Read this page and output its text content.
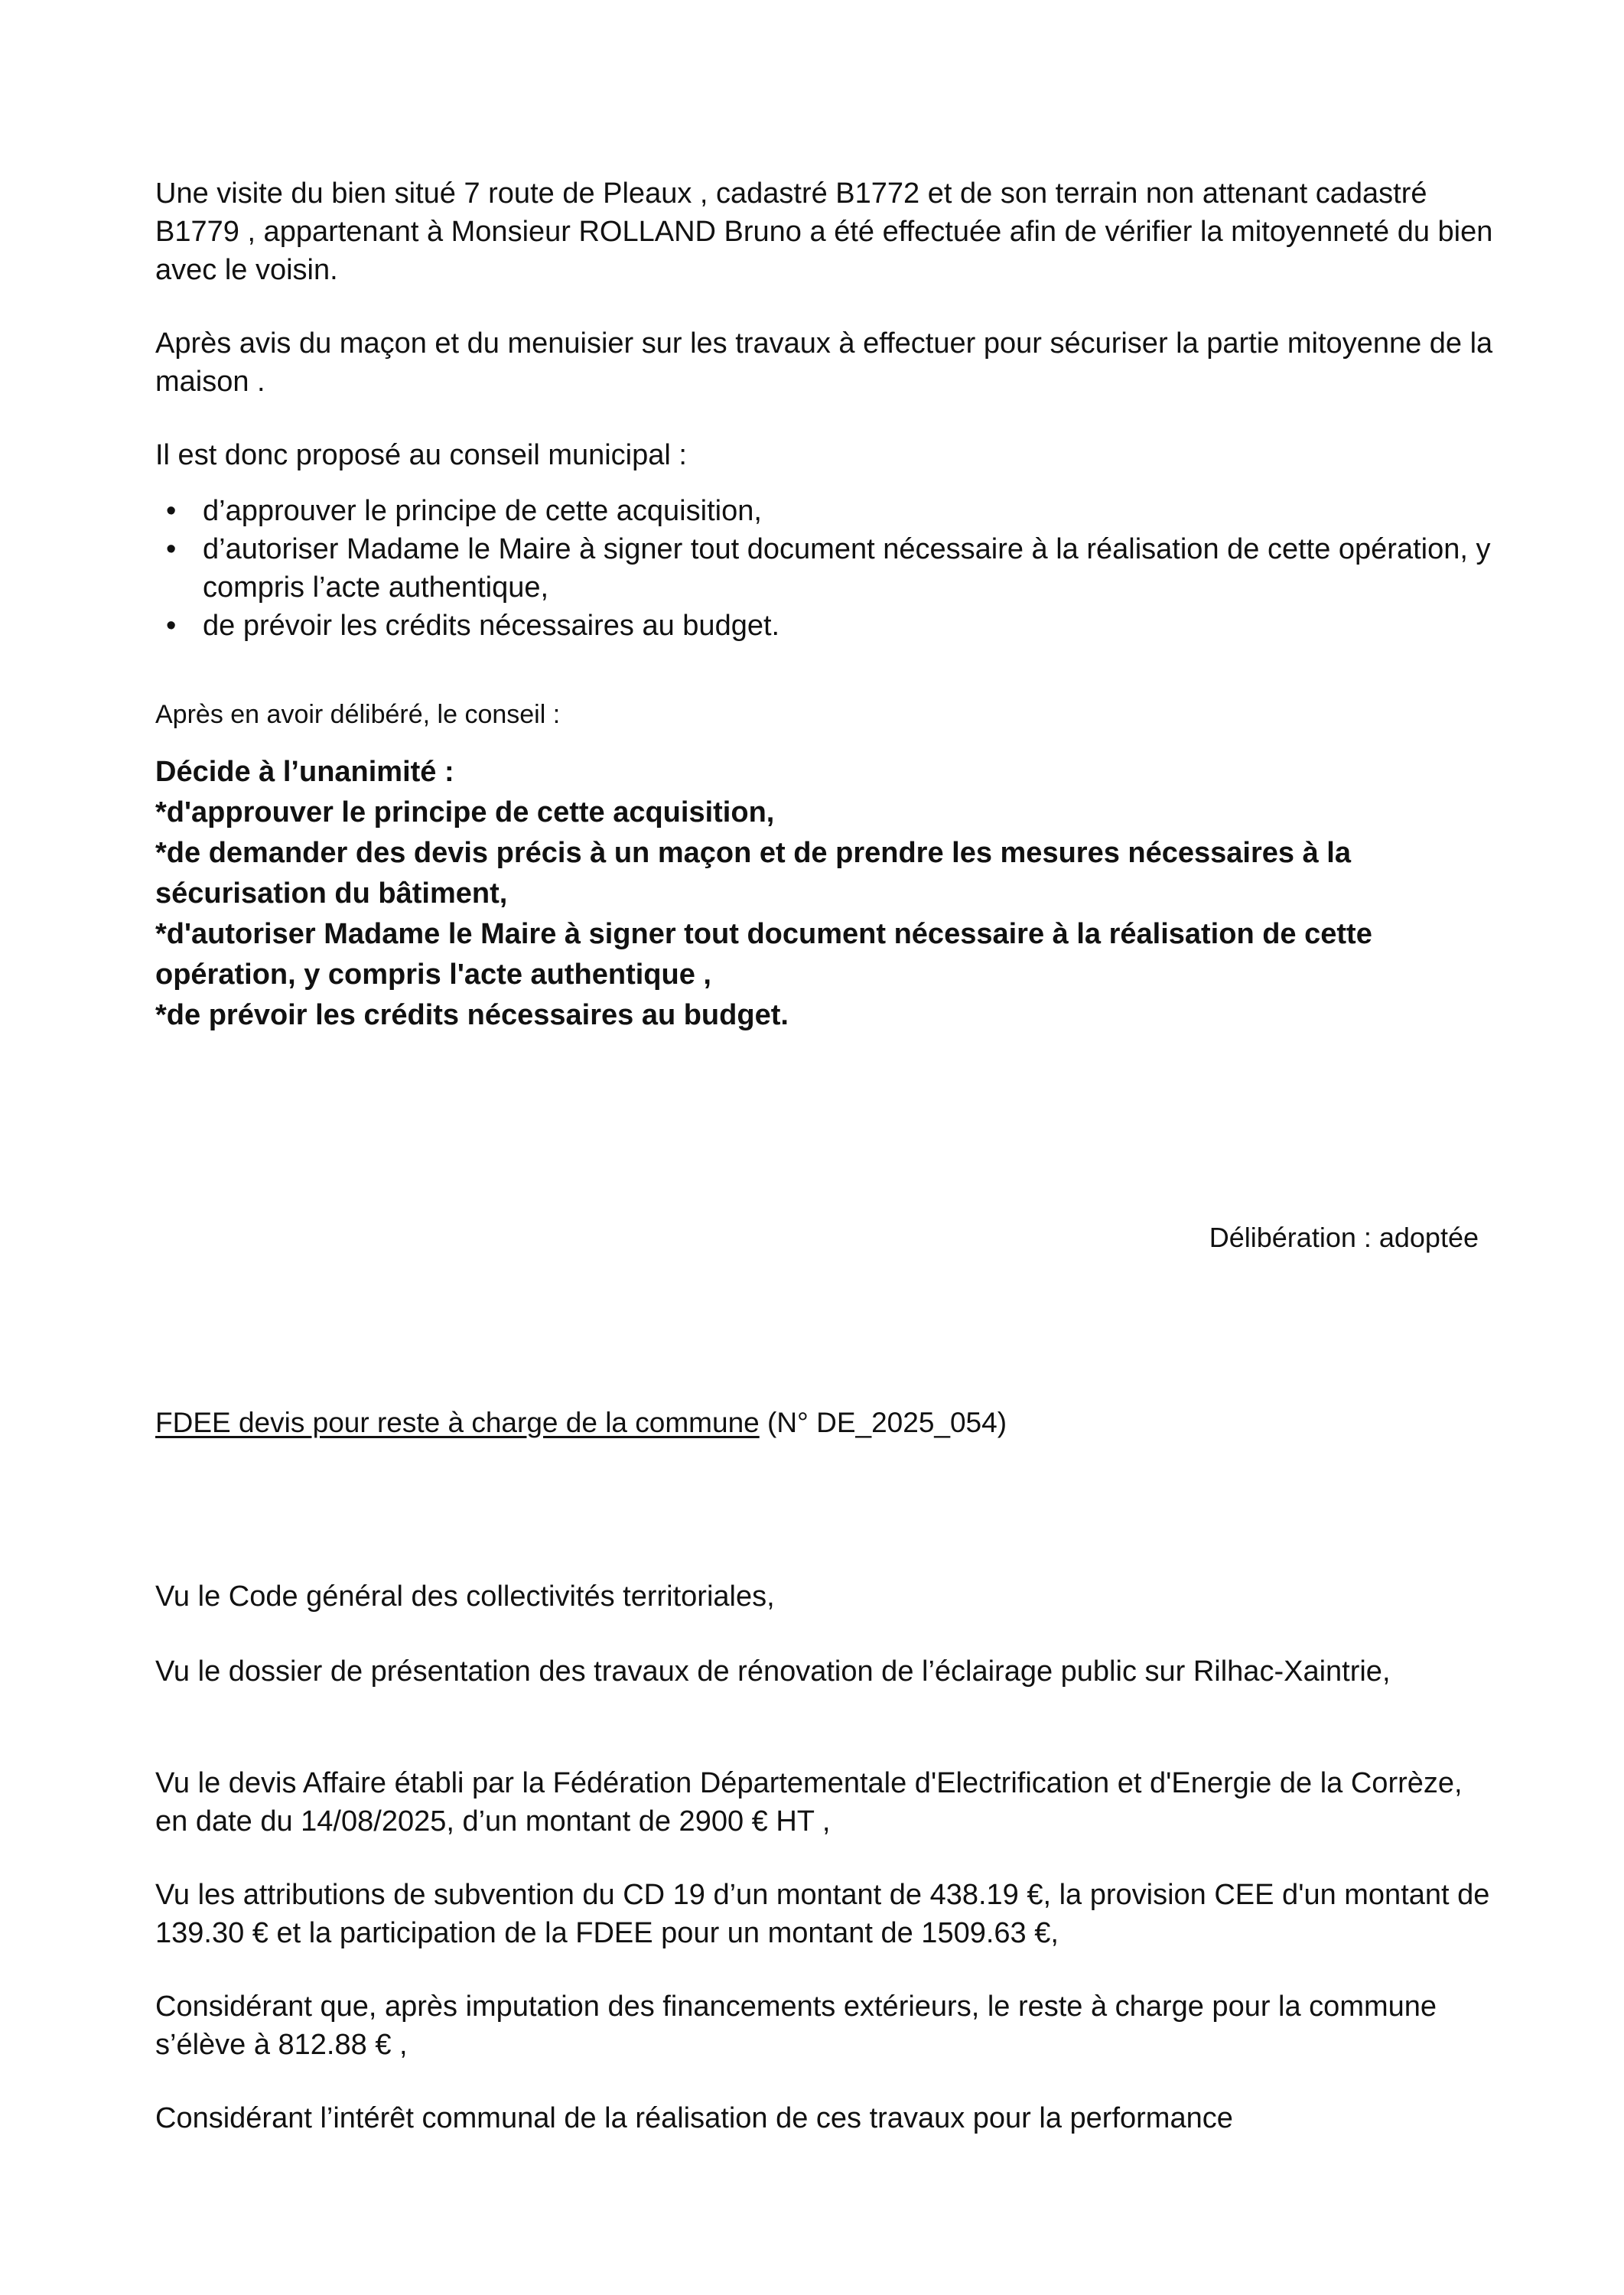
Une visite du bien situé 7 route de Pleaux , cadastré B1772 et de son terrain non attenant cadastré B1779 , appartenant à Monsieur ROLLAND Bruno a été effectuée afin de vérifier la mitoyenneté du bien avec le voisin.

Après avis du maçon et du menuisier sur les travaux à effectuer pour sécuriser la partie mitoyenne de la maison .

Il est donc proposé au conseil municipal :

• d’approuver le principe de cette acquisition,
• d’autoriser Madame le Maire à signer tout document nécessaire à la réalisation de cette opération, y compris l’acte authentique,
• de prévoir les crédits nécessaires au budget.

Après en avoir délibéré, le conseil :

Décide à l’unanimité :
*d'approuver le principe de cette acquisition,
*de demander des devis précis à un maçon et de prendre les mesures nécessaires à la sécurisation du bâtiment,
*d'autoriser Madame le Maire à signer tout document nécessaire à la réalisation de cette opération, y compris l'acte authentique ,
*de prévoir les crédits nécessaires au budget.
Délibération : adoptée
FDEE devis pour reste à charge de la commune (N° DE_2025_054)

Vu le Code général des collectivités territoriales,

Vu le dossier de présentation des travaux de rénovation de l’éclairage public sur Rilhac-Xaintrie,

Vu le devis Affaire établi par la Fédération Départementale d'Electrification et d'Energie de la Corrèze, en date du 14/08/2025, d’un montant de 2900 € HT ,

Vu les attributions de subvention du CD 19 d’un montant de 438.19 €, la provision CEE d'un montant de 139.30 € et la participation de la FDEE pour un montant de 1509.63 €,

Considérant que, après imputation des financements extérieurs, le reste à charge pour la commune s’élève à 812.88 € ,

Considérant l’intérêt communal de la réalisation de ces travaux pour la performance
